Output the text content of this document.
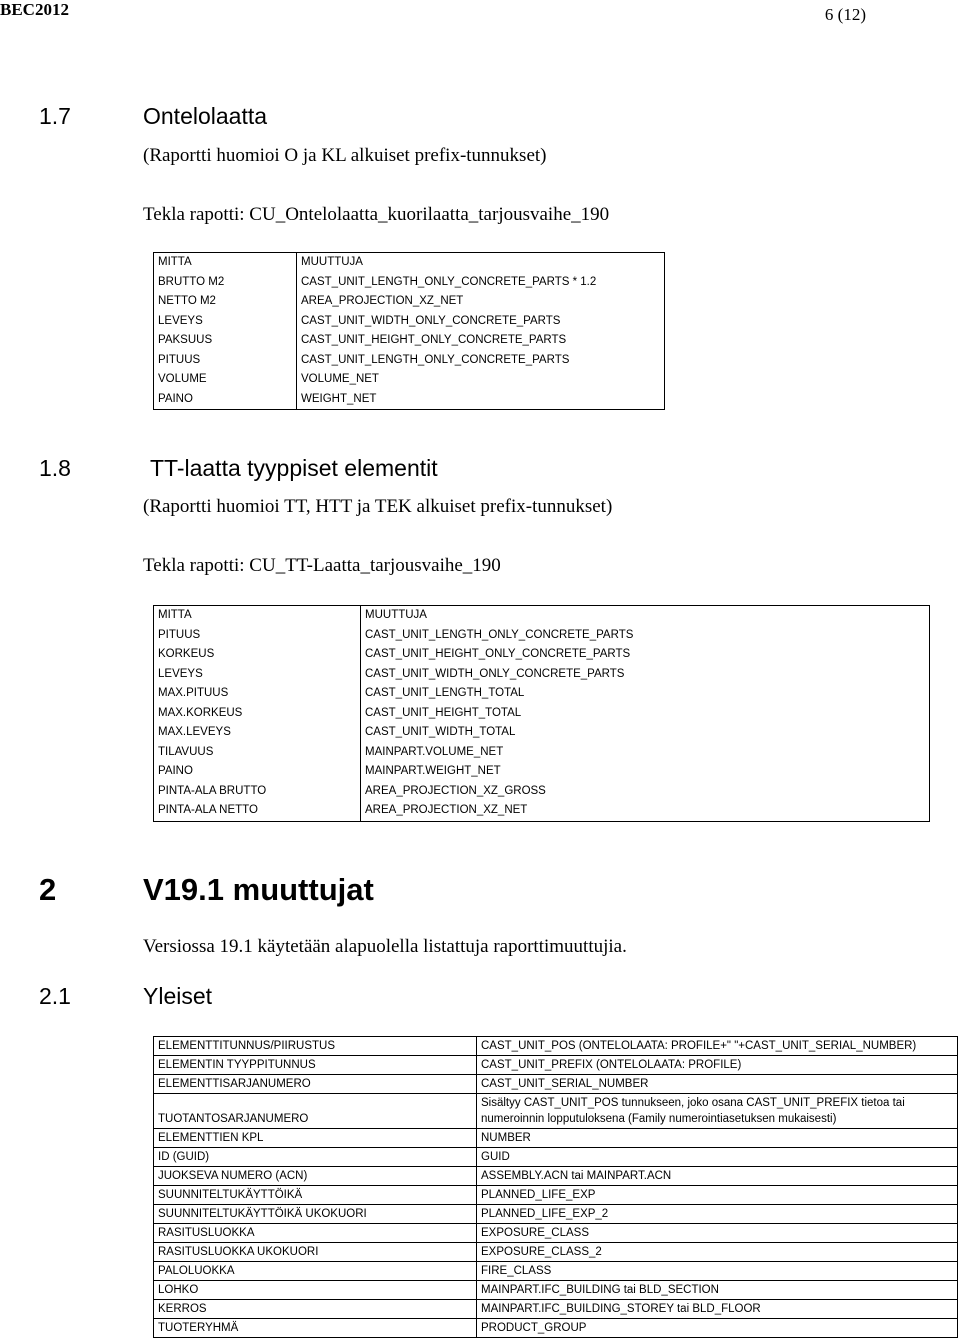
BEC2012	6 (12)
1.7	Ontelolaatta
(Raportti huomioi O ja KL alkuiset prefix-tunnukset)
Tekla rapotti: CU_Ontelolaatta_kuorilaatta_tarjousvaihe_190
MITTA	MUUTTUJA
BRUTTO M2	CAST_UNIT_LENGTH_ONLY_CONCRETE_PARTS * 1.2
NETTO M2	AREA_PROJECTION_XZ_NET
LEVEYS	CAST_UNIT_WIDTH_ONLY_CONCRETE_PARTS
PAKSUUS	CAST_UNIT_HEIGHT_ONLY_CONCRETE_PARTS
PITUUS	CAST_UNIT_LENGTH_ONLY_CONCRETE_PARTS
VOLUME	VOLUME_NET
PAINO	WEIGHT_NET
1.8	TT-laatta tyyppiset elementit
(Raportti huomioi TT, HTT ja TEK alkuiset prefix-tunnukset)
Tekla rapotti: CU_TT-Laatta_tarjousvaihe_190
MITTA	MUUTTUJA
PITUUS	CAST_UNIT_LENGTH_ONLY_CONCRETE_PARTS
KORKEUS	CAST_UNIT_HEIGHT_ONLY_CONCRETE_PARTS
LEVEYS	CAST_UNIT_WIDTH_ONLY_CONCRETE_PARTS
MAX.PITUUS	CAST_UNIT_LENGTH_TOTAL
MAX.KORKEUS	CAST_UNIT_HEIGHT_TOTAL
MAX.LEVEYS	CAST_UNIT_WIDTH_TOTAL
TILAVUUS	MAINPART.VOLUME_NET
PAINO	MAINPART.WEIGHT_NET
PINTA-ALA BRUTTO	AREA_PROJECTION_XZ_GROSS
PINTA-ALA NETTO	AREA_PROJECTION_XZ_NET
2	V19.1 muuttujat
Versiossa 19.1 käytetään alapuolella listattuja raporttimuuttujia.
2.1	Yleiset
ELEMENTTITUNNUS/PIIRUSTUS	CAST_UNIT_POS (ONTELOLAATA: PROFILE+" "+CAST_UNIT_SERIAL_NUMBER)
ELEMENTIN TYYPPITUNNUS	CAST_UNIT_PREFIX (ONTELOLAATA: PROFILE)
ELEMENTTISARJANUMERO	CAST_UNIT_SERIAL_NUMBER
TUOTANTOSARJANUMERO	Sisältyy CAST_UNIT_POS tunnukseen, joko osana CAST_UNIT_PREFIX tietoa tai numeroinnin lopputuloksena (Family numerointiasetuksen mukaisesti)
ELEMENTTIEN KPL	NUMBER
ID (GUID)	GUID
JUOKSEVA NUMERO (ACN)	ASSEMBLY.ACN tai MAINPART.ACN
SUUNNITELTUKÄYTTÖIKÄ	PLANNED_LIFE_EXP
SUUNNITELTUKÄYTTÖIKÄ UKOKUORI	PLANNED_LIFE_EXP_2
RASITUSLUOKKA	EXPOSURE_CLASS
RASITUSLUOKKA UKOKUORI	EXPOSURE_CLASS_2
PALOLUOKKA	FIRE_CLASS
LOHKO	MAINPART.IFC_BUILDING tai BLD_SECTION
KERROS	MAINPART.IFC_BUILDING_STOREY tai BLD_FLOOR
TUOTERYHMÄ	PRODUCT_GROUP
